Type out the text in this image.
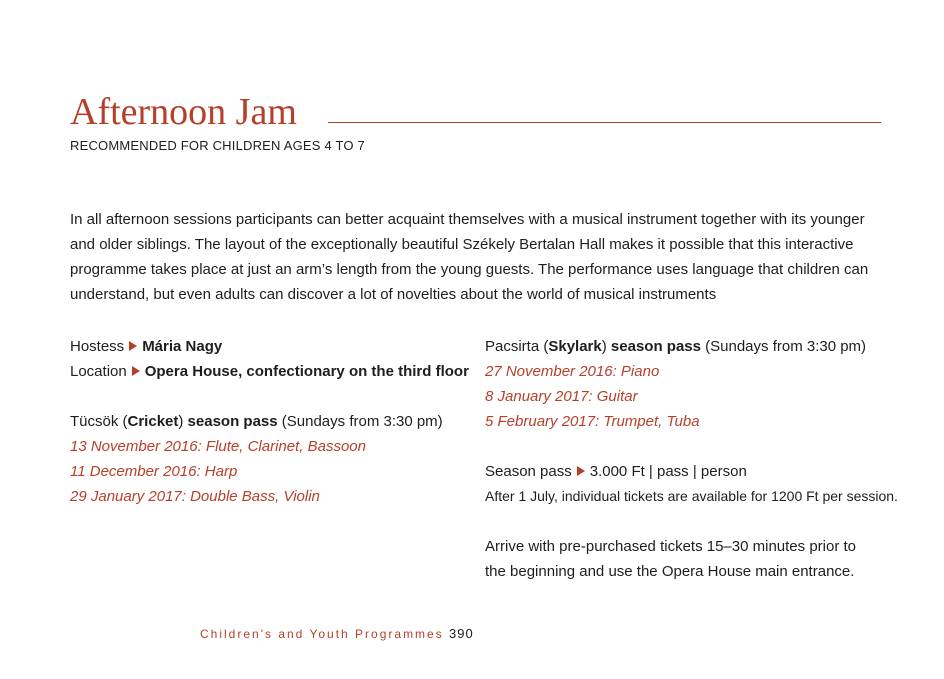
Afternoon Jam
RECOMMENDED FOR CHILDREN AGES 4 TO 7
In all afternoon sessions participants can better acquaint themselves with a musical instrument together with its younger and older siblings. The layout of the exceptionally beautiful Székely Bertalan Hall makes it possible that this interactive programme takes place at just an arm’s length from the young guests. The performance uses language that children can understand, but even adults can discover a lot of novelties about the world of musical instruments
Hostess Mária Nagy
Location Opera House, confectionary on the third floor
Tücsök (Cricket) season pass (Sundays from 3:30 pm)
13 November 2016: Flute, Clarinet, Bassoon
11 December 2016: Harp
29 January 2017: Double Bass, Violin
Pacsirta (Skylark) season pass (Sundays from 3:30 pm)
27 November 2016: Piano
8 January 2017: Guitar
5 February 2017: Trumpet, Tuba
Season pass 3.000 Ft | pass | person
After 1 July, individual tickets are available for 1200 Ft per session.
Arrive with pre-purchased tickets 15–30 minutes prior to
the beginning and use the Opera House main entrance.
Children's and Youth Programmes 390
